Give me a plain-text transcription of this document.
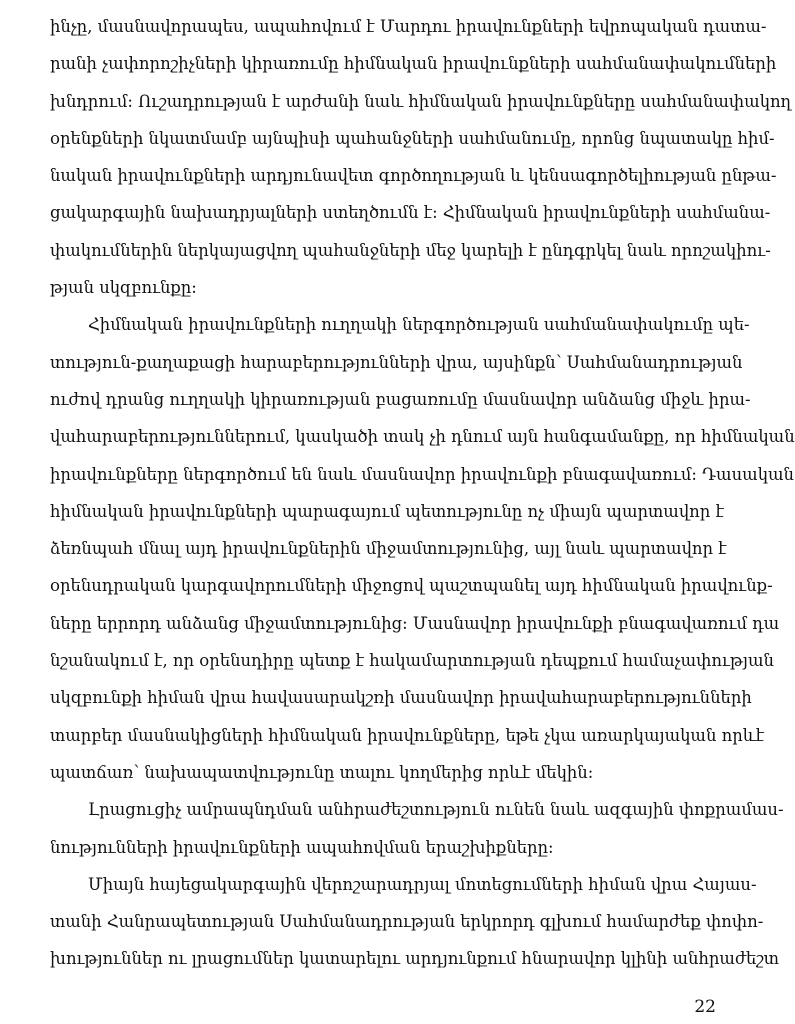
ինչը, մասնավորապես, ապահովում է Մարդու իրավունքների եվրոպական դատա-
րանի չափորոշիչների կիրառումը հիմնական իրավունքների սահմանափակումների
խնդրում: Ուշադրության է արժանի նաև հիմնական իրավունքները սահմանափակող
օրենքների նկատմամբ այնպիսի պահանջների սահմանումը, որոնց նպատակը հիմ-
նական իրավունքների արդյունավետ գործողության և կենսագործելիության ընթա-
ցակարգային նախադրյալների ստեղծումն է: Հիմնական իրավունքների սահմանա-
փակումներին ներկայացվող պահանջների մեջ կարելի է ընդգրկել նաև որոշակիու-
թյան սկզբունքը:
Հիմնական իրավունքների ուղղակի ներգործության սահմանափակումը պե-
տություն-քաղաքացի հարաբերությունների վրա, այսինքն՝ Սահմանադրության
ուժով դրանց ուղղակի կիրառության բացառումը մասնավոր անձանց միջև իրա-
վահարաբերություններում, կասկածի տակ չի դնում այն հանգամանքը, որ հիմնական
իրավունքները ներգործում են նաև մասնավոր իրավունքի բնագավառում: Դասական
հիմնական իրավունքների պարագայում պետությունը ոչ միայն պարտավոր է
ձեռնպահ մնալ այդ իրավունքներին միջամտությունից, այլ նաև պարտավոր է
օրենսդրական կարգավորումների միջոցով պաշտպանել այդ հիմնական իրավունք-
ները երրորդ անձանց միջամտությունից: Մասնավոր իրավունքի բնագավառում դա
նշանակում է, որ օրենսդիրը պետք է հակամարտության դեպքում համաչափության
սկզբունքի հիման վրա հավասարակշռի մասնավոր իրավահարաբերությունների
տարբեր մասնակիցների հիմնական իրավունքները, եթե չկա առարկայական որևէ
պատճառ՝ նախապատվությունը տալու կողմերից որևէ մեկին:
Լրացուցիչ ամրապնդման անհրաժեշտություն ունեն նաև ազգային փոքրամաս-
նությունների իրավունքների ապահովման երաշխիքները:
Միայն հայեցակարգային վերոշարադրյալ մոտեցումների հիման վրա Հայաս-
տանի Հանրապետության Սահմանադրության երկրորդ գլխում համարժեք փոփո-
խություններ ու լրացումներ կատարելու արդյունքում հնարավոր կլինի անհրաժեշտ
22
